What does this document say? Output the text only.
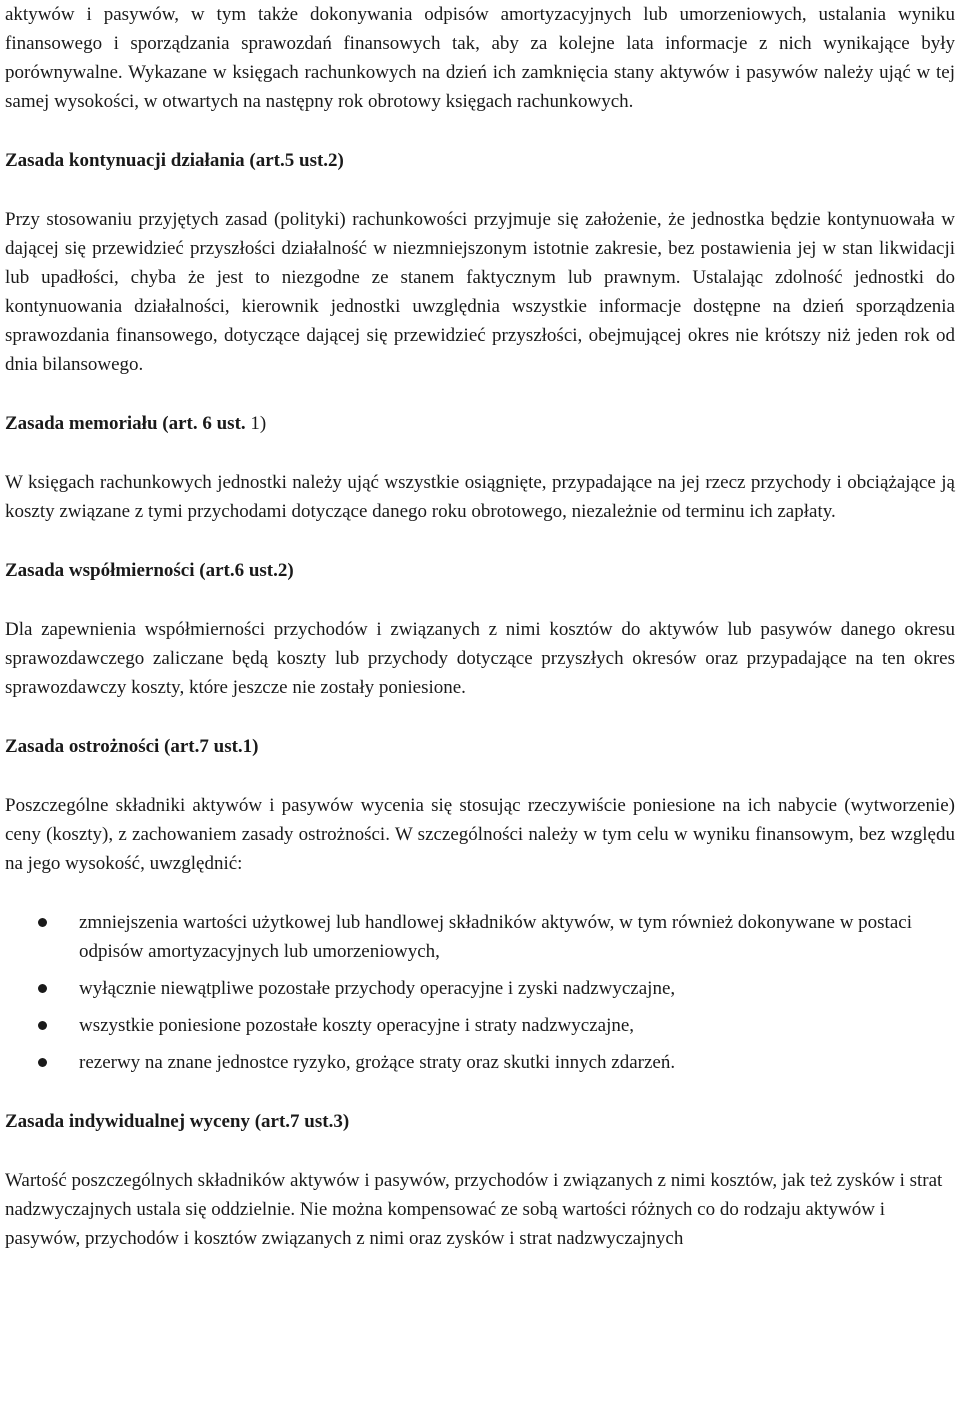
aktywów i pasywów, w tym także dokonywania odpisów amortyzacyjnych lub umorzeniowych, ustalania wyniku finansowego i sporządzania sprawozdań finansowych tak, aby za kolejne lata informacje z nich wynikające były porównywalne. Wykazane w księgach rachunkowych na dzień ich zamknięcia stany aktywów i pasywów należy ująć w tej samej wysokości, w otwartych na następny rok obrotowy księgach rachunkowych.

Zasada kontynuacji działania (art.5 ust.2)

Przy stosowaniu przyjętych zasad (polityki) rachunkowości przyjmuje się założenie, że jednostka będzie kontynuowała w dającej się przewidzieć przyszłości działalność w niezmniejszonym istotnie zakresie, bez postawienia jej w stan likwidacji lub upadłości, chyba że jest to niezgodne ze stanem faktycznym lub prawnym. Ustalając zdolność jednostki do kontynuowania działalności, kierownik jednostki uwzględnia wszystkie informacje dostępne na dzień sporządzenia sprawozdania finansowego, dotyczące dającej się przewidzieć przyszłości, obejmującej okres nie krótszy niż jeden rok od dnia bilansowego.

Zasada memoriału (art. 6 ust. 1)

W księgach rachunkowych jednostki należy ująć wszystkie osiągnięte, przypadające na jej rzecz przychody i obciążające ją koszty związane z tymi przychodami dotyczące danego roku obrotowego, niezależnie od terminu ich zapłaty.

Zasada współmierności (art.6 ust.2)

Dla zapewnienia współmierności przychodów i związanych z nimi kosztów do aktywów lub pasywów danego okresu sprawozdawczego zaliczane będą koszty lub przychody dotyczące przyszłych okresów oraz przypadające na ten okres sprawozdawczy koszty, które jeszcze nie zostały poniesione.

Zasada ostrożności (art.7 ust.1)

Poszczególne składniki aktywów i pasywów wycenia się stosując rzeczywiście poniesione na ich nabycie (wytworzenie) ceny (koszty), z zachowaniem zasady ostrożności. W szczególności należy w tym celu w wyniku finansowym, bez względu na jego wysokość, uwzględnić:

zmniejszenia wartości użytkowej lub handlowej składników aktywów, w tym również dokonywane w postaci odpisów amortyzacyjnych lub umorzeniowych,
wyłącznie niewątpliwe pozostałe przychody operacyjne i zyski nadzwyczajne,
wszystkie poniesione pozostałe koszty operacyjne i straty nadzwyczajne,
rezerwy na znane jednostce ryzyko, grożące straty oraz skutki innych zdarzeń.
Zasada indywidualnej wyceny (art.7 ust.3)

Wartość poszczególnych składników aktywów i pasywów, przychodów i związanych z nimi kosztów, jak też zysków i strat nadzwyczajnych ustala się oddzielnie. Nie można kompensować ze sobą wartości różnych co do rodzaju aktywów i pasywów, przychodów i kosztów związanych z nimi oraz zysków i strat nadzwyczajnych
